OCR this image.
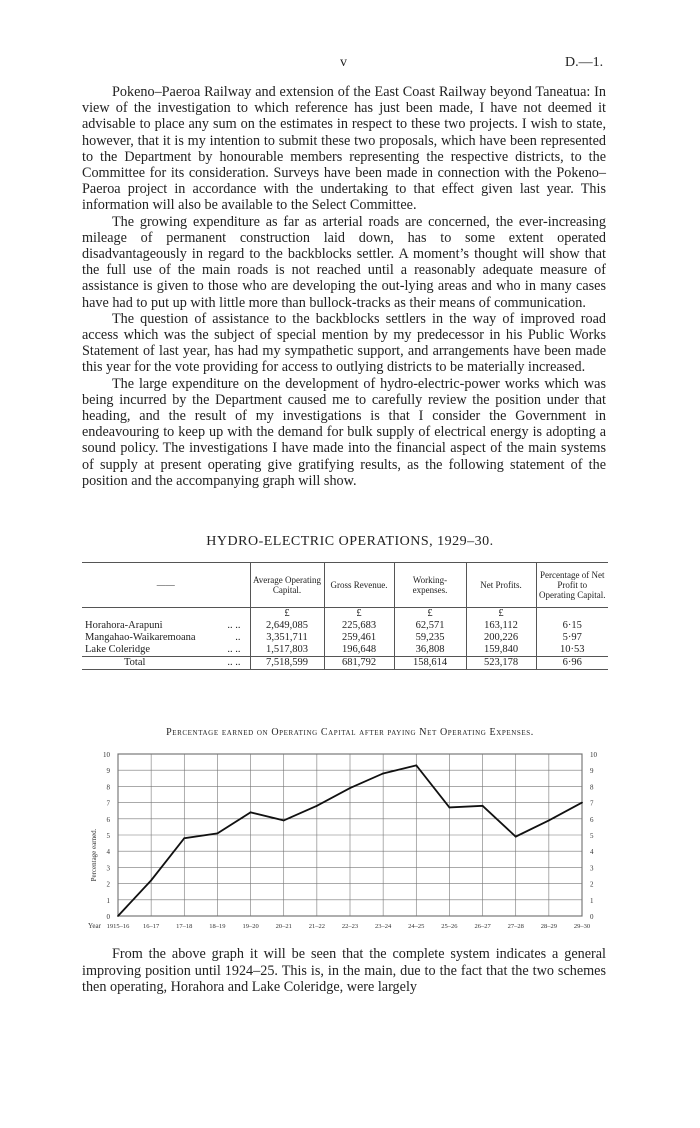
v	D.—1.

Pokeno–Paeroa Railway and extension of the East Coast Railway beyond Taneatua: In view of the investigation to which reference has just been made, I have not deemed it advisable to place any sum on the estimates in respect to these two projects. I wish to state, however, that it is my intention to submit these two proposals, which have been represented to the Department by honourable members representing the respective districts, to the Committee for its consideration. Surveys have been made in connection with the Pokeno–Paeroa project in accordance with the undertaking to that effect given last year. This information will also be available to the Select Committee.

The growing expenditure as far as arterial roads are concerned, the ever-increasing mileage of permanent construction laid down, has to some extent operated disadvantageously in regard to the backblocks settler. A moment’s thought will show that the full use of the main roads is not reached until a reasonably adequate measure of assistance is given to those who are developing the out-lying areas and who in many cases have had to put up with little more than bullock-tracks as their means of communication.

The question of assistance to the backblocks settlers in the way of improved road access which was the subject of special mention by my predecessor in his Public Works Statement of last year, has had my sympathetic support, and arrangements have been made this year for the vote providing for access to outlying districts to be materially increased.

The large expenditure on the development of hydro-electric-power works which was being incurred by the Department caused me to carefully review the position under that heading, and the result of my investigations is that I consider the Government in endeavouring to keep up with the demand for bulk supply of electrical energy is adopting a sound policy. The investigations I have made into the financial aspect of the main systems of supply at present operating give gratifying results, as the following statement of the position and the accompanying graph will show.

HYDRO-ELECTRIC OPERATIONS, 1929–30.
——	Average Operating Capital.	Gross Revenue.	Working-expenses.	Net Profits.	Percentage of Net Profit to Operating Capital.
	£	£	£	£	
Horahora-Arapuni .. ..	2,649,085	225,683	62,571	163,112	6·15
Mangahao-Waikaremoana ..	3,351,711	259,461	59,235	200,226	5·97
Lake Coleridge .. ..	1,517,803	196,648	36,808	159,840	10·53
Total .. ..	7,518,599	681,792	158,614	523,178	6·96
Percentage earned on Operating Capital after paying Net Operating Expenses.
0	0
1	1
2	2
3	3
4	4
5	5
6	6
7	7
8	8
9	9
10	10
1915–16 16–17	17–18	18–19	19–20	20–21	21–22	22–23	23–24	24–25	25–26	26–27	27–28	28–29	29–30
Year
Percentage earned.

From the above graph it will be seen that the complete system indicates a general improving position until 1924–25. This is, in the main, due to the fact that the two schemes then operating, Horahora and Lake Coleridge, were largely
